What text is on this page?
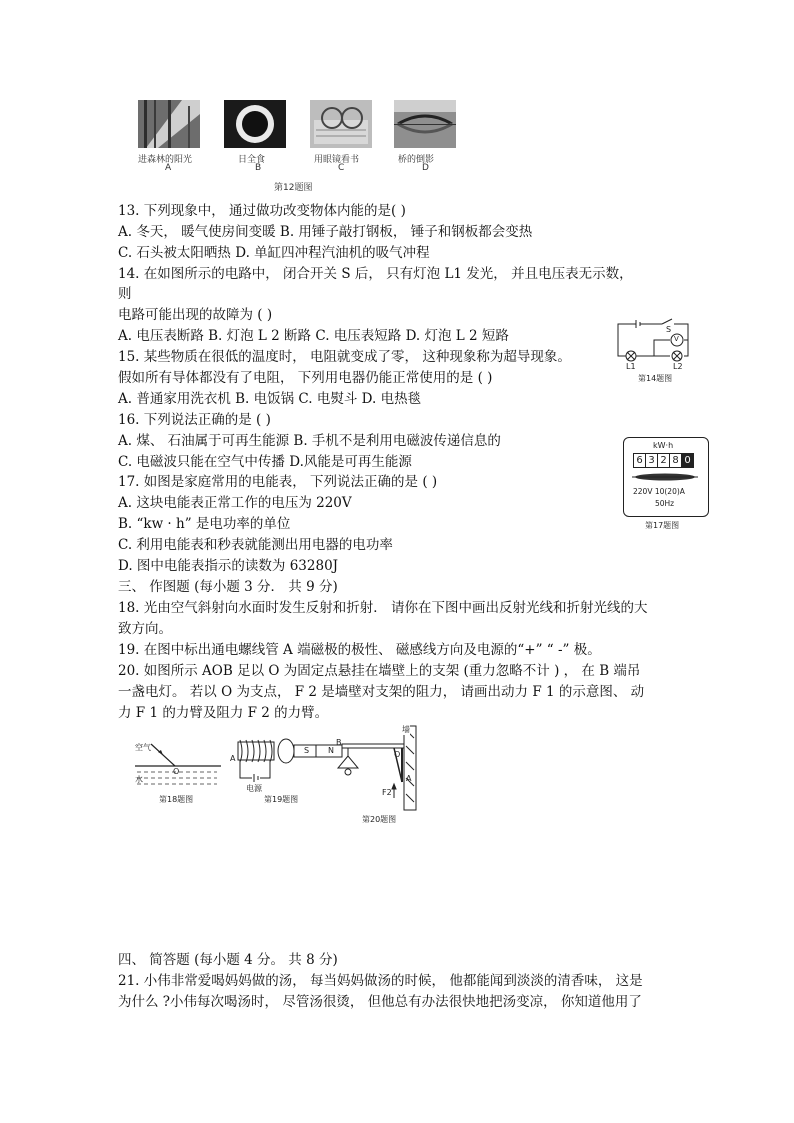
进森林的阳光	日全食	用眼镜看书	桥的倒影
A	B	C	D
第12题图
13. 下列现象中， 通过做功改变物体内能的是( )
A. 冬天， 暖气使房间变暖 B. 用锤子敲打钢板， 锤子和钢板都会变热
C. 石头被太阳晒热 D. 单缸四冲程汽油机的吸气冲程
14. 在如图所示的电路中， 闭合开关 S 后， 只有灯泡 L1 发光， 并且电压表无示数，
则
电路可能出现的故障为 ( )
A. 电压表断路 B. 灯泡 L 2 断路 C. 电压表短路 D. 灯泡 L 2 短路
15. 某些物质在很低的温度时， 电阻就变成了零， 这种现象称为超导现象。
假如所有导体都没有了电阻， 下列用电器仍能正常使用的是 ( )
A. 普通家用洗衣机 B. 电饭锅 C. 电熨斗 D. 电热毯
16. 下列说法正确的是 ( )
A. 煤、 石油属于可再生能源 B. 手机不是利用电磁波传递信息的
C. 电磁波只能在空气中传播 D.风能是可再生能源
17. 如图是家庭常用的电能表， 下列说法正确的是 ( )
A. 这块电能表正常工作的电压为 220V
B. “kw · h” 是电功率的单位
C. 利用电能表和秒表就能测出用电器的电功率
D. 图中电能表指示的读数为 63280J
三、 作图题 (每小题 3 分． 共 9 分)
18. 光由空气斜射向水面时发生反射和折射． 请你在下图中画出反射光线和折射光线的大
致方向。
19. 在图中标出通电螺线管 A 端磁极的极性、 磁感线方向及电源的“+” “ -” 极。
20. 如图所示 AOB 足以 O 为固定点悬挂在墙壁上的支架 (重力忽略不计 ) ， 在 B 端吊
一盏电灯。 若以 O 为支点， F 2 是墙壁对支架的阻力， 请画出动力 F 1 的示意图、 动
力 F 1 的力臂及阻力 F 2 的力臂。
S
V
L1	L2
第14题图
kW·h
6 3 2 8 0
220V 10(20)A
50Hz
第17题图
空气
水
O
第18题图
A
S N
电源
第19题图
B
O
A
F2
墙
第20题图
四、 简答题 (每小题 4 分。 共 8 分)
21. 小伟非常爱喝妈妈做的汤， 每当妈妈做汤的时候， 他都能闻到淡淡的清香味， 这是
为什么 ?小伟每次喝汤时， 尽管汤很烫， 但他总有办法很快地把汤变凉， 你知道他用了
